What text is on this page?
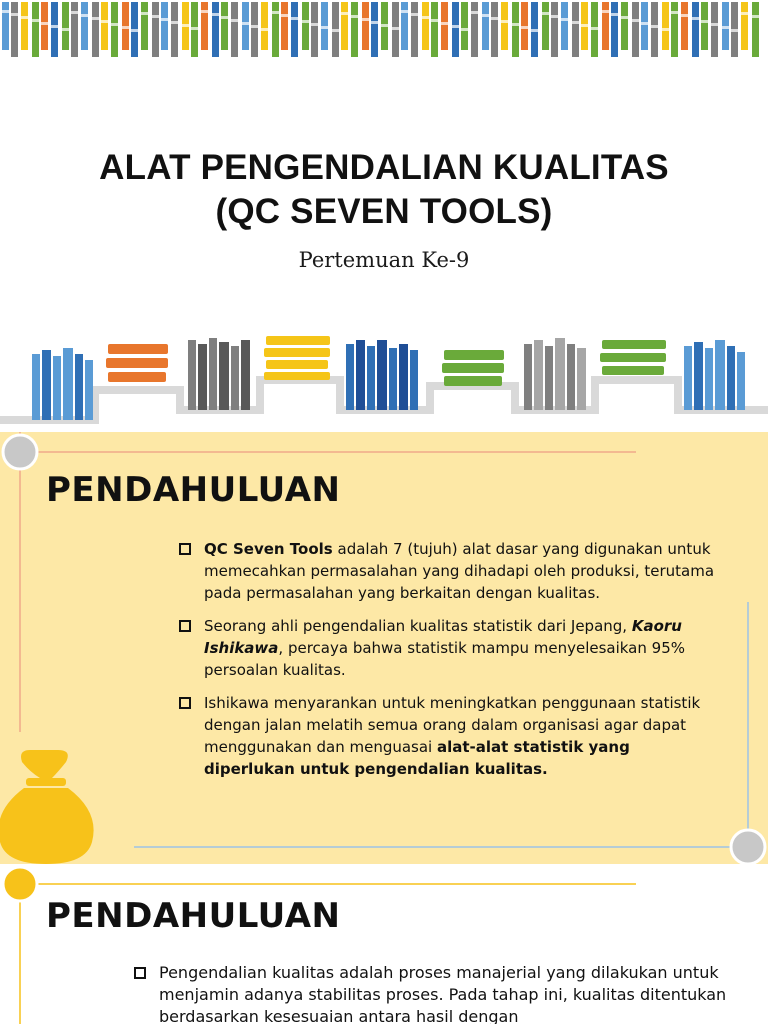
ALAT PENGENDALIAN KUALITAS
(QC SEVEN TOOLS)
Pertemuan Ke-9
PENDAHULUAN
QC Seven Tools adalah 7 (tujuh) alat dasar yang digunakan untuk memecahkan permasalahan yang dihadapi oleh produksi, terutama pada permasalahan yang berkaitan dengan kualitas.
Seorang ahli pengendalian kualitas statistik dari Jepang, Kaoru Ishikawa, percaya bahwa statistik mampu menyelesaikan 95% persoalan kualitas.
Ishikawa menyarankan untuk meningkatkan penggunaan statistik dengan jalan melatih semua orang dalam organisasi agar dapat menggunakan dan menguasai alat-alat statistik yang diperlukan untuk pengendalian kualitas.
PENDAHULUAN
Pengendalian kualitas adalah proses manajerial yang dilakukan untuk menjamin adanya stabilitas proses. Pada tahap ini, kualitas ditentukan berdasarkan kesesuaian antara hasil dengan
